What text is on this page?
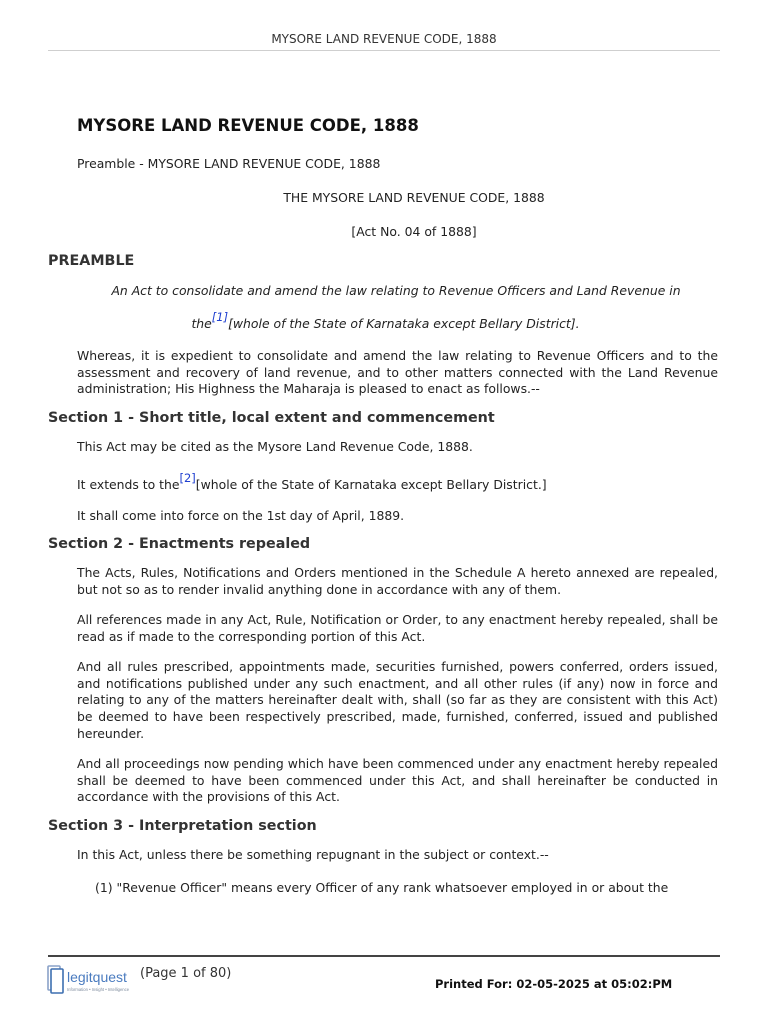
MYSORE LAND REVENUE CODE, 1888
MYSORE LAND REVENUE CODE, 1888
Preamble - MYSORE LAND REVENUE CODE, 1888
THE MYSORE LAND REVENUE CODE, 1888
[Act No. 04 of 1888]
PREAMBLE
An Act to consolidate and amend the law relating to Revenue Officers and Land Revenue in
the[1][whole of the State of Karnataka except Bellary District].

Whereas, it is expedient to consolidate and amend the law relating to Revenue Officers and to the assessment and recovery of land revenue, and to other matters connected with the Land Revenue administration; His Highness the Maharaja is pleased to enact as follows.--

Section 1 - Short title, local extent and commencement

This Act may be cited as the Mysore Land Revenue Code, 1888.

It extends to the[2][whole of the State of Karnataka except Bellary District.]

It shall come into force on the 1st day of April, 1889.

Section 2 - Enactments repealed

The Acts, Rules, Notifications and Orders mentioned in the Schedule A hereto annexed are repealed, but not so as to render invalid anything done in accordance with any of them.

All references made in any Act, Rule, Notification or Order, to any enactment hereby repealed, shall be read as if made to the corresponding portion of this Act.

And all rules prescribed, appointments made, securities furnished, powers conferred, orders issued, and notifications published under any such enactment, and all other rules (if any) now in force and relating to any of the matters hereinafter dealt with, shall (so far as they are consistent with this Act) be deemed to have been respectively prescribed, made, furnished, conferred, issued and published hereunder.

And all proceedings now pending which have been commenced under any enactment hereby repealed shall be deemed to have been commenced under this Act, and shall hereinafter be conducted in accordance with the provisions of this Act.

Section 3 - Interpretation section

In this Act, unless there be something repugnant in the subject or context.--

(1) "Revenue Officer" means every Officer of any rank whatsoever employed in or about the

legitquest
Information • Insight • Intelligence
(Page 1 of 80)
Printed For: 02-05-2025 at 05:02:PM
